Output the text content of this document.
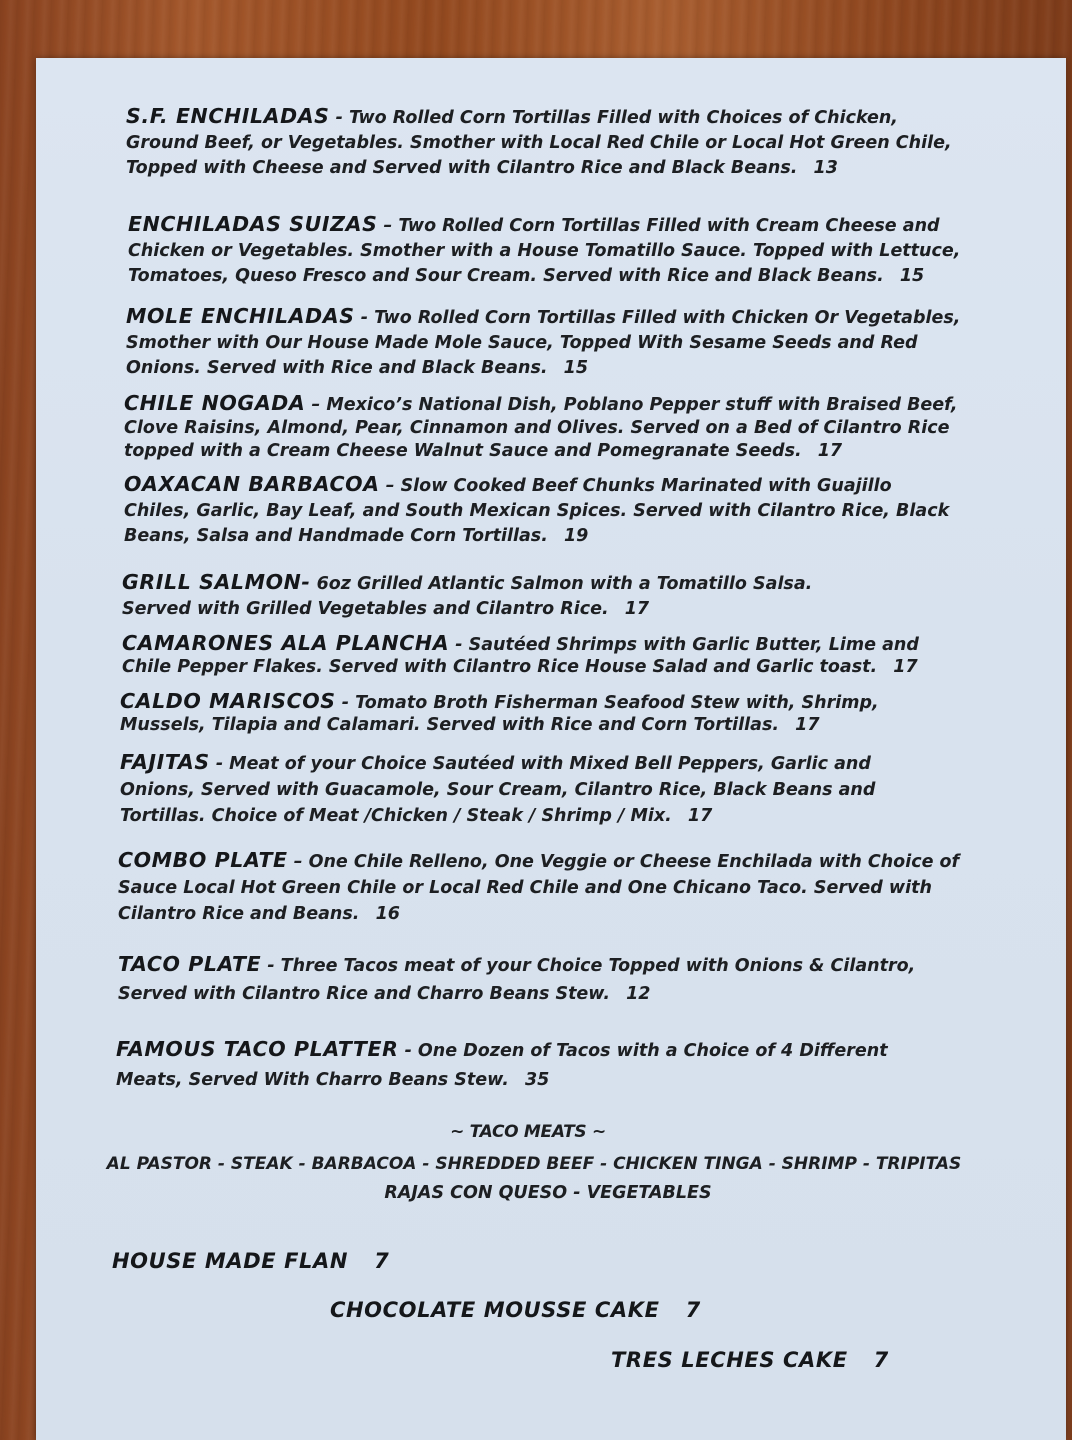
S.F. ENCHILADAS - Two Rolled Corn Tortillas Filled with Choices of Chicken, Ground Beef, or Vegetables. Smother with Local Red Chile or Local Hot Green Chile, Topped with Cheese and Served with Cilantro Rice and Black Beans. 13
ENCHILADAS SUIZAS – Two Rolled Corn Tortillas Filled with Cream Cheese and Chicken or Vegetables. Smother with a House Tomatillo Sauce. Topped with Lettuce, Tomatoes, Queso Fresco and Sour Cream. Served with Rice and Black Beans. 15
MOLE ENCHILADAS - Two Rolled Corn Tortillas Filled with Chicken Or Vegetables, Smother with Our House Made Mole Sauce, Topped With Sesame Seeds and Red Onions. Served with Rice and Black Beans. 15
CHILE NOGADA – Mexico’s National Dish, Poblano Pepper stuff with Braised Beef, Clove Raisins, Almond, Pear, Cinnamon and Olives. Served on a Bed of Cilantro Rice topped with a Cream Cheese Walnut Sauce and Pomegranate Seeds. 17
OAXACAN BARBACOA – Slow Cooked Beef Chunks Marinated with Guajillo Chiles, Garlic, Bay Leaf, and South Mexican Spices. Served with Cilantro Rice, Black Beans, Salsa and Handmade Corn Tortillas. 19
GRILL SALMON- 6oz Grilled Atlantic Salmon with a Tomatillo Salsa. Served with Grilled Vegetables and Cilantro Rice. 17
CAMARONES ALA PLANCHA - Sautéed Shrimps with Garlic Butter, Lime and Chile Pepper Flakes. Served with Cilantro Rice House Salad and Garlic toast. 17
CALDO MARISCOS - Tomato Broth Fisherman Seafood Stew with, Shrimp, Mussels, Tilapia and Calamari. Served with Rice and Corn Tortillas. 17
FAJITAS - Meat of your Choice Sautéed with Mixed Bell Peppers, Garlic and Onions, Served with Guacamole, Sour Cream, Cilantro Rice, Black Beans and Tortillas. Choice of Meat /Chicken / Steak / Shrimp / Mix. 17
COMBO PLATE – One Chile Relleno, One Veggie or Cheese Enchilada with Choice of Sauce Local Hot Green Chile or Local Red Chile and One Chicano Taco. Served with Cilantro Rice and Beans. 16
TACO PLATE - Three Tacos meat of your Choice Topped with Onions & Cilantro, Served with Cilantro Rice and Charro Beans Stew. 12
FAMOUS TACO PLATTER - One Dozen of Tacos with a Choice of 4 Different Meats, Served With Charro Beans Stew. 35
~ TACO MEATS ~
AL PASTOR - STEAK - BARBACOA - SHREDDED BEEF - CHICKEN TINGA - SHRIMP - TRIPITAS
RAJAS CON QUESO - VEGETABLES
HOUSE MADE FLAN 7
CHOCOLATE MOUSSE CAKE 7
TRES LECHES CAKE 7
